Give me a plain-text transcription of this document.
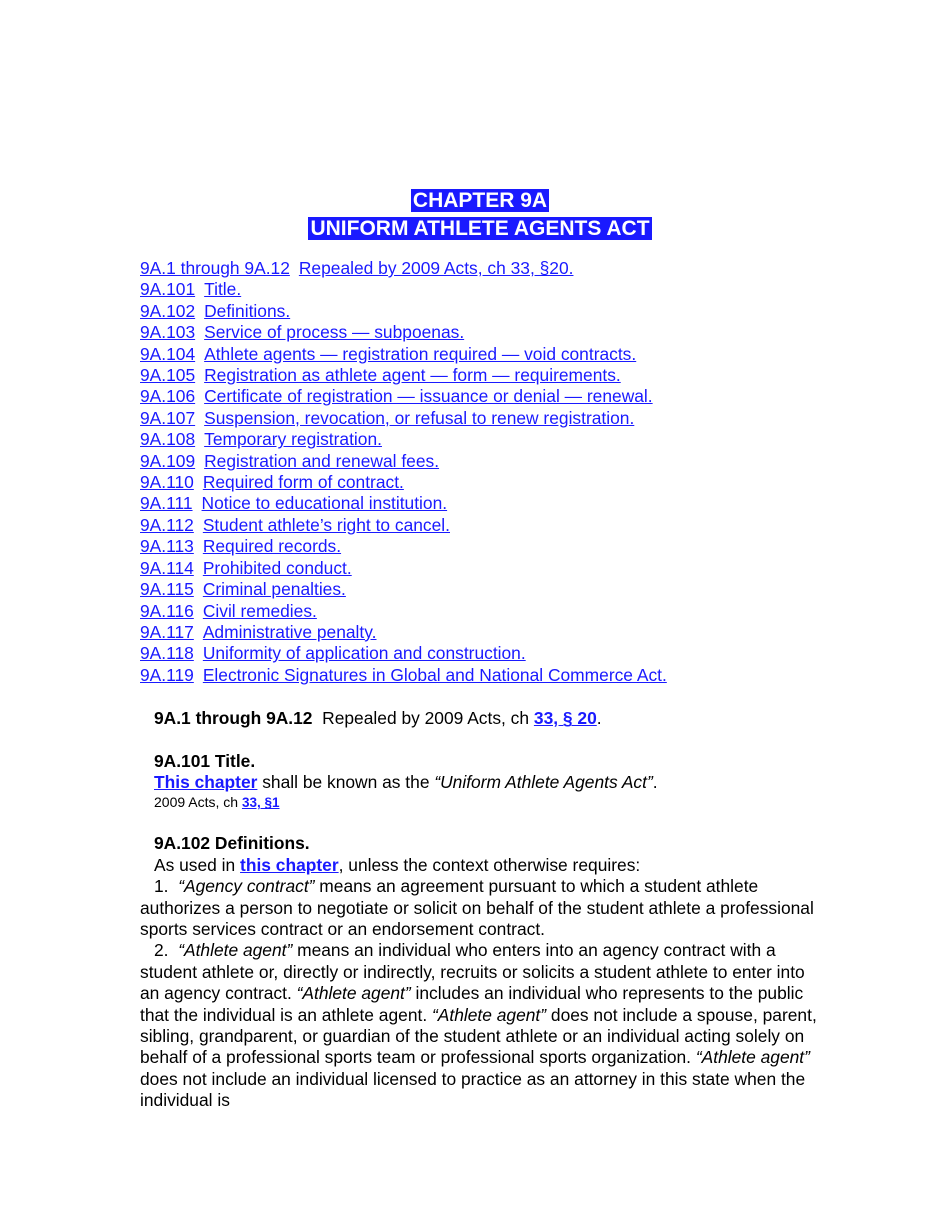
CHAPTER 9A

UNIFORM ATHLETE AGENTS ACT

9A.1 through 9A.12 Repealed by 2009 Acts, ch 33, §20.
9A.101 Title.
9A.102 Definitions.
9A.103 Service of process — subpoenas.
9A.104 Athlete agents — registration required — void contracts.
9A.105 Registration as athlete agent — form — requirements.
9A.106 Certificate of registration — issuance or denial — renewal.
9A.107 Suspension, revocation, or refusal to renew registration.
9A.108 Temporary registration.
9A.109 Registration and renewal fees.
9A.110 Required form of contract.
9A.111 Notice to educational institution.
9A.112 Student athlete’s right to cancel.
9A.113 Required records.
9A.114 Prohibited conduct.
9A.115 Criminal penalties.
9A.116 Civil remedies.
9A.117 Administrative penalty.
9A.118 Uniformity of application and construction.
9A.119 Electronic Signatures in Global and National Commerce Act.
9A.1 through 9A.12 Repealed by 2009 Acts, ch 33, § 20.
9A.101 Title.
This chapter shall be known as the “Uniform Athlete Agents Act”.
2009 Acts, ch 33, §1
9A.102 Definitions.
As used in this chapter, unless the context otherwise requires:

1. “Agency contract” means an agreement pursuant to which a student athlete authorizes a person to negotiate or solicit on behalf of the student athlete a professional sports services contract or an endorsement contract.

2. “Athlete agent” means an individual who enters into an agency contract with a student athlete or, directly or indirectly, recruits or solicits a student athlete to enter into an agency contract. “Athlete agent” includes an individual who represents to the public that the individual is an athlete agent. “Athlete agent” does not include a spouse, parent, sibling, grandparent, or guardian of the student athlete or an individual acting solely on behalf of a professional sports team or professional sports organization. “Athlete agent” does not include an individual licensed to practice as an attorney in this state when the individual is
